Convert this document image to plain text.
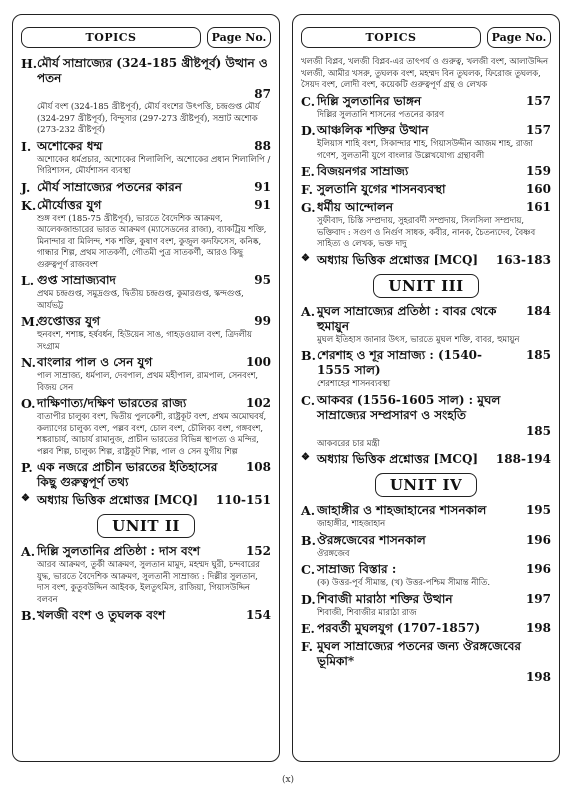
TOPICS	Page No.
H. মৌর্য সাম্রাজ্যের (324-185 খ্রীষ্টপূর্ব) উত্থান ও পতন
87
মৌর্য বংশ (324-185 খ্রীষ্টপূর্ব), মৌর্য বংশের উৎপত্তি, চন্দ্রগুপ্ত মৌর্য (324-297 খ্রীষ্টপূর্ব), বিন্দুসার (297-273 খ্রীষ্টপূর্ব), সম্রাট অশোক (273-232 খ্রীষ্টপূর্ব)
I. অশোকের ধম্ম	88
অশোকের ধর্মপ্রচার, অশোকের শিলালিপি, অশোকের প্রধান শিলালিপি / গিরিশাসন, মৌর্যশাসন ব্যবস্থা
J. মৌর্য সাম্রাজ্যের পতনের কারন	91
K. মৌর্যোত্তর যুগ	91
শুঙ্গ বংশ (185-75 খ্রীষ্টপূর্ব), ভারতে বৈদেশিক আক্রমণ, আলেকজান্ডারের ভারত আক্রমণ (ম্যাসেডনের রাজা), ব্যাকট্রিয় শক্তি, মিনান্দার বা মিলিন্দ, শক শক্তি, কুষাণ বংশ, কুজুল কদফিসেস, কনিষ্ক, গান্ধার শিল্প, প্রথম সাতকর্ণী, গৌতমী পুত্র সাতকর্ণী, আরও কিছু গুরুত্বপূর্ণ রাজবংশ
L. গুপ্ত সাম্রাজ্যবাদ	95
প্রথম চন্দ্রগুপ্ত, সমুদ্রগুপ্ত, দ্বিতীয় চন্দ্রগুপ্ত, কুমারগুপ্ত, স্কন্দগুপ্ত, আর্যভট্ট
M.
গুপ্তোত্তর যুগ	99
হুনবংশ, শশাঙ্ক, হর্ষবর্ধন, হিউয়েন সাঙ, গাহড়ওয়াল বংশ, ত্রিদলীয় সংগ্রাম
N. বাংলার পাল ও সেন যুগ	100
পাল সাম্রাজ্য, ধর্মপাল, দেবপাল, প্রথম মহীপাল, রামপাল, সেনবংশ, বিজয় সেন
O. দাক্ষিণাত্য/দক্ষিণ ভারতের রাজ্য	102
বাতাপীর চালুক্য বংশ, দ্বিতীয় পুলকেশী, রাষ্ট্রকূট বংশ, প্রথম অমোঘবর্ষ, কল্যাণের চালুক্য বংশ, পল্লব বংশ, চোল বংশ, চৌলিক্য বংশ, গঙ্গবংশ, শঙ্করাচার্য, আচার্য রামানুজ, প্রাচীন ভারতের বিভিন্ন স্থাপত্য ও মন্দির, পল্লব শিল্প, চালুক্য শিল্প, রাষ্ট্রকূট শিল্প, পাল ও সেন যুগীয় শিল্প
P. এক নজরে প্রাচীন ভারতের ইতিহাসের কিছু গুরুত্বপূর্ণ তথ্য
108
❖ অধ্যায় ভিত্তিক প্রশ্নোত্তর [MCQ]	110-151
UNIT II
A. দিল্লি সুলতানির প্রতিষ্ঠা : দাস বংশ	152
আরব আক্রমণ, তুর্কী আক্রমণ, সুলতান মামুদ, মহম্মদ ঘুরী, চন্দবারের যুদ্ধ, ভারতে বৈদেশিক আক্রমণ, সুলতানী সাম্রাজ্য : দিল্লীর সুলতান, দাস বংশ, কুতুবউদ্দিন আইবক, ইলতুৎমিস, রাজিয়া, গিয়াসউদ্দিন বলবন
B. খলজী বংশ ও তুঘলক বংশ	154
TOPICS	Page No.
খলজী বিপ্লব, খলজী বিপ্লব-এর তাৎপর্য ও গুরুত্ব, খলজী বংশ, আলাউদ্দিন খলজী, আমীর খসরু, তুঘলক বংশ, মহম্মদ বিন তুঘলক, ফিরোজ তুঘলক, সৈয়দ বংশ, লোদী বংশ, কয়েকটি গুরুত্বপূর্ণ গ্রন্থ ও লেখক
C. দিল্লি সুলতানির ভাঙ্গন	157
দিল্লির সুলতানি শাসনের পতনের কারণ
D. আঞ্চলিক শক্তির উত্থান	157
ইলিয়াস শাহি বংশ, সিকান্দার শাহ, গিয়াসউদ্দীন আজম শাহ, রাজা গণেশ, সুলতানী যুগে বাংলার উল্লেখযোগ্য গ্রন্থাবলী
E. বিজয়নগর সাম্রাজ্য	159
F. সুলতানি যুগের শাসনব্যবস্থা	160
G. ধর্মীয় আন্দোলন	161
সুফীবাদ, চিস্তি সম্প্রদায়, সুহরাবর্দী সম্প্রদায়, সিলসিলা সম্প্রদায়, ভক্তিবাদ : সগুণ ও নির্গুণ সাধক, কবীর, নানক, চৈতন্যদেব, বৈষ্ণব সাহিত্য ও লেখক, ভক্ত দাদু
❖ অধ্যায় ভিত্তিক প্রশ্নোত্তর [MCQ]	163-183
UNIT III
A. মুঘল সাম্রাজ্যের প্রতিষ্ঠা : বাবর থেকে হুমায়ুন
184
মুঘল ইতিহাস জানার উৎস, ভারতে মুঘল শক্তি, বাবর, হুমায়ুন
B. শেরশাহ ও শূর সাম্রাজ্য : (1540-1555 সাল)
185
শেরশাহের শাসনব্যবস্থা
C. আকবর (1556-1605 সাল) : মুঘল সাম্রাজ্যের সম্প্রসারণ ও সংহতি
185
আকবরের চার মন্ত্রী
❖ অধ্যায় ভিত্তিক প্রশ্নোত্তর [MCQ]	188-194
UNIT IV
A. জাহাঙ্গীর ও শাহজাহানের শাসনকাল	195
জাহাঙ্গীর, শাহজাহান
B. ঔরঙ্গজেবের শাসনকাল	196
ঔরঙ্গজেব
C. সাম্রাজ্য বিস্তার :	196
(ক) উত্তর-পূর্ব সীমান্ত, (খ) উত্তর-পশ্চিম সীমান্ত নীতি.
D. শিবাজী মারাঠা শক্তির উত্থান	197
শিবাজী, শিবাজীর মারাঠা রাজ
E. পরবর্তী মুঘলযুগ (1707-1857)	198
F. মুঘল সাম্রাজ্যের পতনের জন্য ঔরঙ্গজেবের ভূমিকা*
198
(x)
